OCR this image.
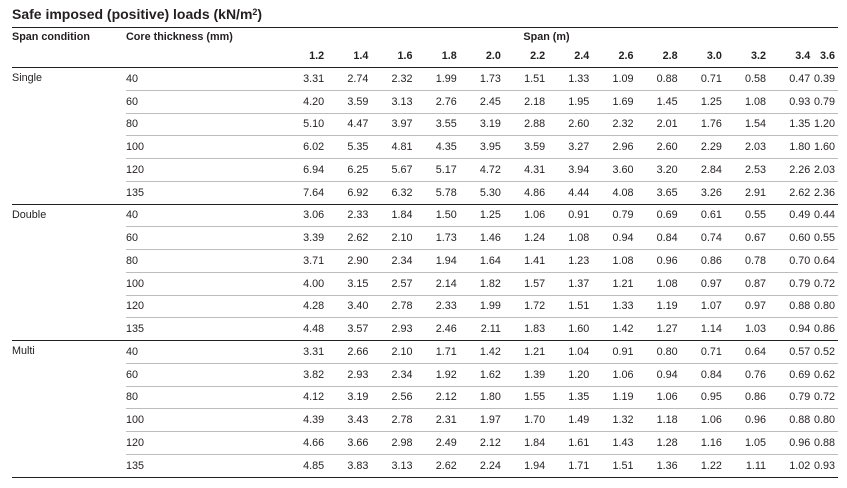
Safe imposed (positive) loads $(kN/m^2)$
Span condition	Core thickness (mm)	Span (m)													
			1.2	1.4	1.6	1.8	2.0	2.2	2.4	2.6	2.8	3.0	3.2	3.4	3.6
Single	40		3.31	2.74	2.32	1.99	1.73	1.51	1.33	1.09	0.88	0.71	0.58	0.47	0.39
	60		4.20	3.59	3.13	2.76	2.45	2.18	1.95	1.69	1.45	1.25	1.08	0.93	0.79
	80		5.10	4.47	3.97	3.55	3.19	2.88	2.60	2.32	2.01	1.76	1.54	1.35	1.20
	100		6.02	5.35	4.81	4.35	3.95	3.59	3.27	2.96	2.60	2.29	2.03	1.80	1.60
	120		6.94	6.25	5.67	5.17	4.72	4.31	3.94	3.60	3.20	2.84	2.53	2.26	2.03
	135		7.64	6.92	6.32	5.78	5.30	4.86	4.44	4.08	3.65	3.26	2.91	2.62	2.36
Double	40		3.06	2.33	1.84	1.50	1.25	1.06	0.91	0.79	0.69	0.61	0.55	0.49	0.44
	60		3.39	2.62	2.10	1.73	1.46	1.24	1.08	0.94	0.84	0.74	0.67	0.60	0.55
	80		3.71	2.90	2.34	1.94	1.64	1.41	1.23	1.08	0.96	0.86	0.78	0.70	0.64
	100		4.00	3.15	2.57	2.14	1.82	1.57	1.37	1.21	1.08	0.97	0.87	0.79	0.72
	120		4.28	3.40	2.78	2.33	1.99	1.72	1.51	1.33	1.19	1.07	0.97	0.88	0.80
	135		4.48	3.57	2.93	2.46	2.11	1.83	1.60	1.42	1.27	1.14	1.03	0.94	0.86
Multi	40		3.31	2.66	2.10	1.71	1.42	1.21	1.04	0.91	0.80	0.71	0.64	0.57	0.52
	60		3.82	2.93	2.34	1.92	1.62	1.39	1.20	1.06	0.94	0.84	0.76	0.69	0.62
	80		4.12	3.19	2.56	2.12	1.80	1.55	1.35	1.19	1.06	0.95	0.86	0.79	0.72
	100		4.39	3.43	2.78	2.31	1.97	1.70	1.49	1.32	1.18	1.06	0.96	0.88	0.80
	120		4.66	3.66	2.98	2.49	2.12	1.84	1.61	1.43	1.28	1.16	1.05	0.96	0.88
	135		4.85	3.83	3.13	2.62	2.24	1.94	1.71	1.51	1.36	1.22	1.11	1.02	0.93
